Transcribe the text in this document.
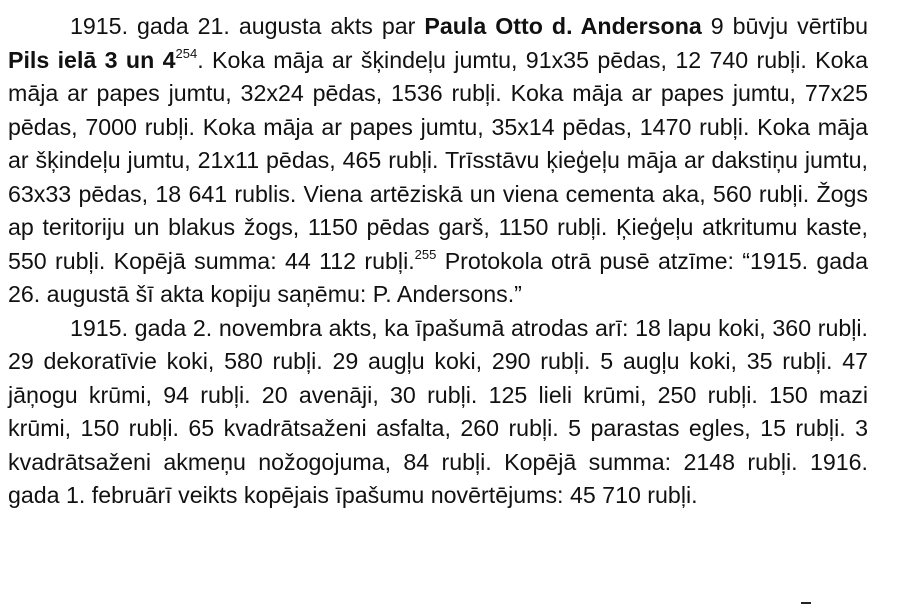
1915. gada 21. augusta akts par Paula Otto d. Andersona 9 būvju vērtību Pils ielā 3 un $4^{254}$. Koka māja ar šķindeļu jumtu, 91x35 pēdas, 12 740 rubļi. Koka māja ar papes jumtu, 32x24 pēdas, 1536 rubļi. Koka māja ar papes jumtu, 77x25 pēdas, 7000 rubļi. Koka māja ar papes jumtu, 35x14 pēdas, 1470 rubļi. Koka māja ar šķindeļu jumtu, 21x11 pēdas, 465 rubļi. Trīsstāvu ķieģeļu māja ar dakstiņu jumtu, 63x33 pēdas, 18 641 rublis. Viena artēziskā un viena cementa aka, 560 rubļi. Žogs ap teritoriju un blakus žogs, 1150 pēdas garš, 1150 rubļi. Ķieģeļu atkritumu kaste, 550 rubļi. Kopējā summa: 44 112 rubļi.$^{255}$ Protokola otrā pusē atzīme: “1915. gada 26. augustā šī akta kopiju saņēmu: P. Andersons.”

1915. gada 2. novembra akts, ka īpašumā atrodas arī: 18 lapu koki, 360 rubļi. 29 dekoratīvie koki, 580 rubļi. 29 augļu koki, 290 rubļi. 5 augļu koki, 35 rubļi. 47 jāņogu krūmi, 94 rubļi. 20 avenāji, 30 rubļi. 125 lieli krūmi, 250 rubļi. 150 mazi krūmi, 150 rubļi. 65 kvadrātsaženi asfalta, 260 rubļi. 5 parastas egles, 15 rubļi. 3 kvadrātsaženi akmeņu nožogojuma, 84 rubļi. Kopējā summa: 2148 rubļi. 1916. gada 1. februārī veikts kopējais īpašumu novērtējums: 45 710 rubļi.
